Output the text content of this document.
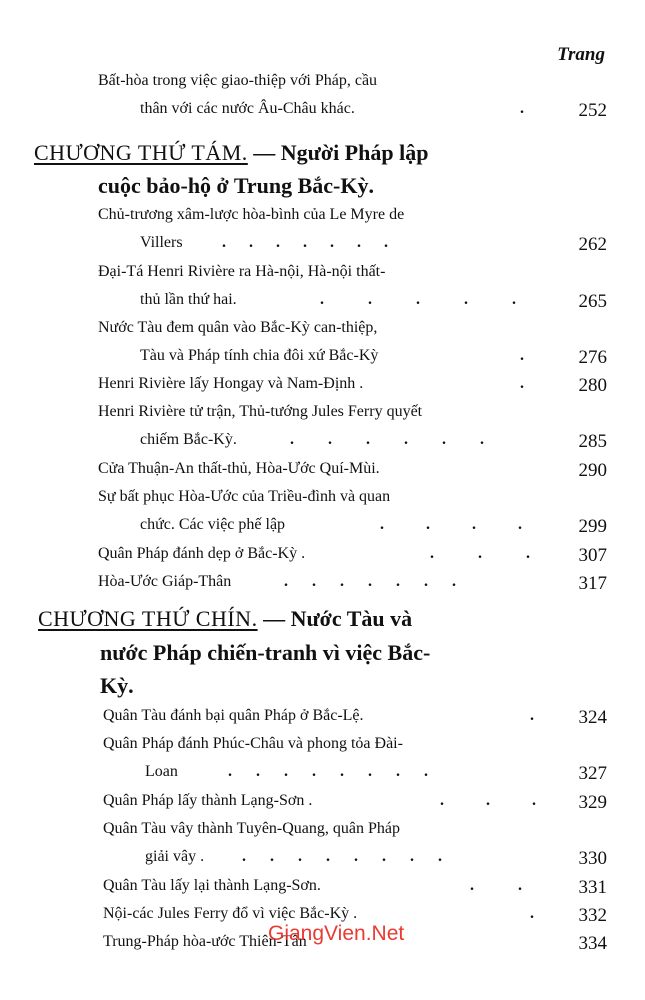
Trang
Bất-hòa trong việc giao-thiệp với Pháp, cầu
thân với các nước Âu-Châu khác.	.	252
CHƯƠNG THỨ TÁM. — Người Pháp lập
cuộc bảo-hộ ở Trung Bắc-Kỳ.
Chủ-trương xâm-lược hòa-bình của Le Myre de
Villers . . . . . . .	262
Đại-Tá Henri Rivière ra Hà-nội, Hà-nội thất-
thủ lần thứ hai.	. . . . .	265
Nước Tàu đem quân vào Bắc-Kỳ can-thiệp,
Tàu và Pháp tính chia đôi xứ Bắc-Kỳ	.	276
Henri Rivière lấy Hongay và Nam-Định .	.	280
Henri Rivière tử trận, Thủ-tướng Jules Ferry quyết
chiếm Bắc-Kỳ.	. . . . . .	285
Cửa Thuận-An thất-thủ, Hòa-Ước Quí-Mùi.	290
Sự bất phục Hòa-Ước của Triều-đình và quan
chức. Các việc phế lập	. . . .	299
Quân Pháp đánh dẹp ở Bắc-Kỳ .	. . .	307
Hòa-Ước Giáp-Thân	. . . . . . .	317
CHƯƠNG THỨ CHÍN. — Nước Tàu và
nước Pháp chiến-tranh vì việc Bắc-
Kỳ.
Quân Tàu đánh bại quân Pháp ở Bắc-Lệ.	. 324
Quân Pháp đánh Phúc-Châu và phong tỏa Đài-
Loan	. . . . . . . .	327
Quân Pháp lấy thành Lạng-Sơn .	. . . 329
Quân Tàu vây thành Tuyên-Quang, quân Pháp
giải vây . . . . . . . . .	330
Quân Tàu lấy lại thành Lạng-Sơn.	. .	331
Nội-các Jules Ferry đổ vì việc Bắc-Kỳ .	. 332
Trung-Pháp hòa-ước Thiên-Tân	334
GiangVien.Net
